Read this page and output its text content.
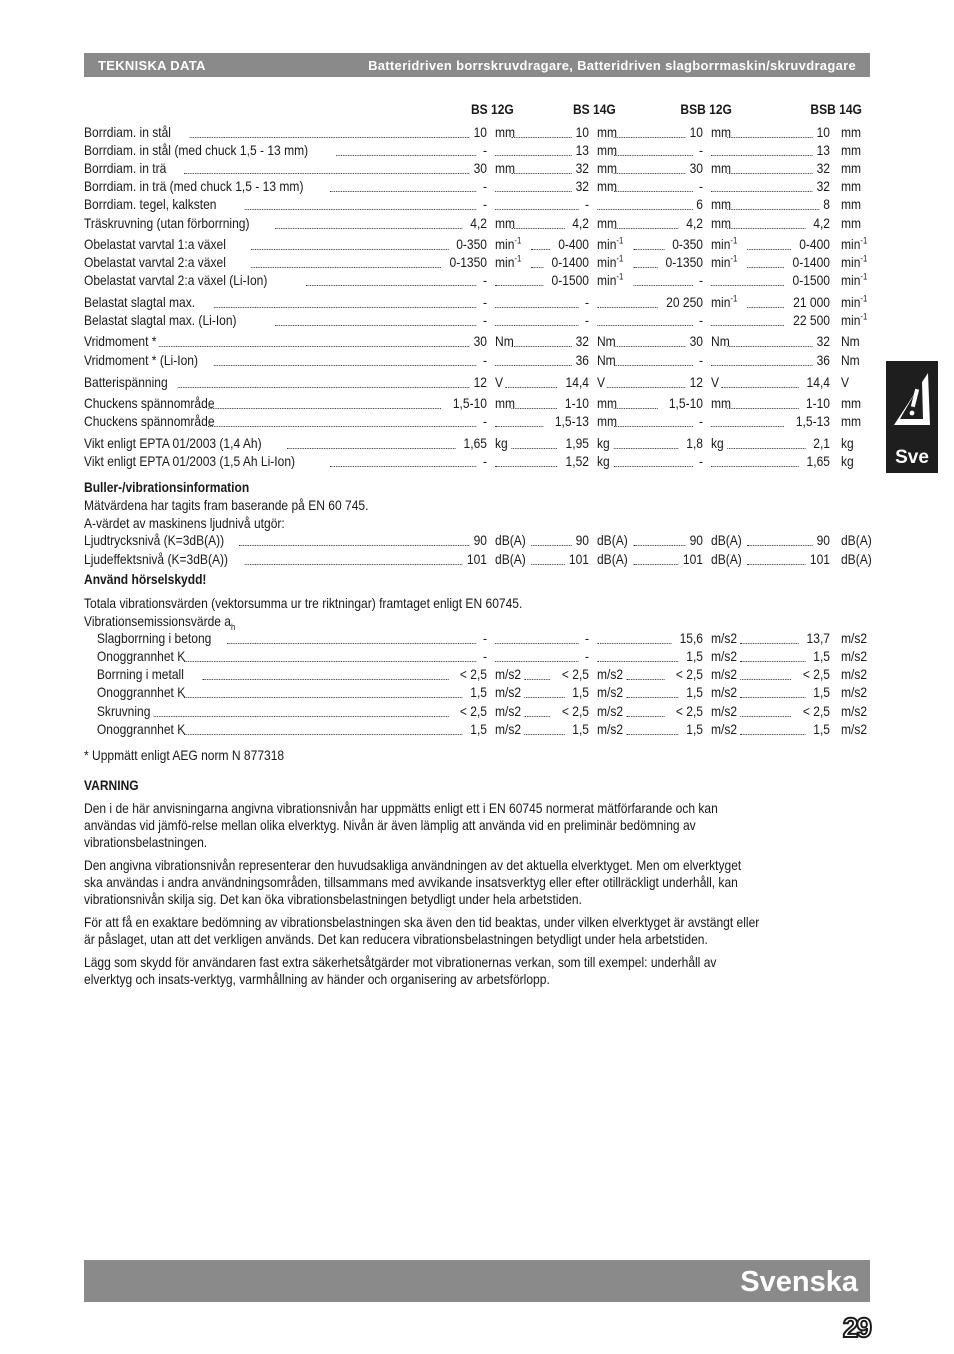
TEKNISKA DATA	Batteridriven borrskruvdragare, Batteridriven slagborrmaskin/skruvdragare
BS 12G	BS 14G	BSB 12G	BSB 14G
Borrdiam. in stål	10 mm	10 mm	10 mm	10 mm
Borrdiam. in stål (med chuck 1,5 - 13 mm)	-	13 mm	-	13 mm
Borrdiam. in trä	30 mm	32 mm	30 mm	32 mm
Borrdiam. in trä (med chuck 1,5 - 13 mm)	-	32 mm	-	32 mm
Borrdiam. tegel, kalksten	-	-	6 mm	8 mm
Träskruvning (utan förborrning)	4,2 mm	4,2 mm	4,2 mm	4,2 mm
Obelastat varvtal 1:a växel	0-350 $\min^{-1}$	0-400 $\min^{-1}$	0-350 $\min^{-1}$	0-400 $\min^{-1}$
Obelastat varvtal 2:a växel	0-1350 $\min^{-1}$	0-1400 $\min^{-1}$	0-1350 $\min^{-1}$	0-1400 $\min^{-1}$
Obelastat varvtal 2:a växel (Li-Ion)	-	0-1500 $\min^{-1}$	-	0-1500 $\min^{-1}$
Belastat slagtal max.	-	-	20 250 $\min^{-1}$	21 000 $\min^{-1}$
Belastat slagtal max. (Li-Ion)	-	-	-	22 500 $\min^{-1}$
Vridmoment *	30 Nm	32 Nm	30 Nm	32 Nm
Vridmoment * (Li-Ion)	-	36 Nm	-	36 Nm
Batterispänning	12 V	14,4 V	12 V	14,4 V
Chuckens spännområde	1,5-10 mm	1-10 mm	1,5-10 mm	1-10 mm
Chuckens spännområde	-	1,5-13 mm	-	1,5-13 mm
Vikt enligt EPTA 01/2003 (1,4 Ah)	1,65 kg	1,95 kg	1,8 kg	2,1 kg
Vikt enligt EPTA 01/2003 (1,5 Ah Li-Ion)	-	1,52 kg	-	1,65 kg
Buller-/vibrationsinformation
Mätvärdena har tagits fram baserande på EN 60 745.
A-värdet av maskinens ljudnivå utgör:
Ljudtrycksnivå (K=3dB(A))	90 dB(A)	90 dB(A)	90 dB(A)	90 dB(A)
Ljudeffektsnivå (K=3dB(A))	101 dB(A)	101 dB(A)	101 dB(A)	101 dB(A)
Använd hörselskydd!
Totala vibrationsvärden (vektorsumma ur tre riktningar) framtaget enligt EN 60745.
Vibrationsemissionsvärde $a_h$
Slagborrning i betong	-	-	15,6 m/s2	13,7 m/s2
Onoggrannhet K	-	-	1,5 m/s2	1,5 m/s2
Borrning i metall	< 2,5 m/s2	< 2,5 m/s2	< 2,5 m/s2	< 2,5 m/s2
Onoggrannhet K	1,5 m/s2	1,5 m/s2	1,5 m/s2	1,5 m/s2
Skruvning	< 2,5 m/s2	< 2,5 m/s2	< 2,5 m/s2	< 2,5 m/s2
Onoggrannhet K	1,5 m/s2	1,5 m/s2	1,5 m/s2	1,5 m/s2
* Uppmätt enligt AEG norm N 877318
VARNING
Den i de här anvisningarna angivna vibrationsnivån har uppmätts enligt ett i EN 60745 normerat mätförfarande och kan användas vid jämfö-relse mellan olika elverktyg. Nivån är även lämplig att använda vid en preliminär bedömning av vibrationsbelastningen.
Den angivna vibrationsnivån representerar den huvudsakliga användningen av det aktuella elverktyget. Men om elverktyget ska användas i andra användningsområden, tillsammans med avvikande insatsverktyg eller efter otillräckligt underhåll, kan vibrationsnivån skilja sig. Det kan öka vibrationsbelastningen betydligt under hela arbetstiden.
För att få en exaktare bedömning av vibrationsbelastningen ska även den tid beaktas, under vilken elverktyget är avstängt eller är påslaget, utan att det verkligen används. Det kan reducera vibrationsbelastningen betydligt under hela arbetstiden.
Lägg som skydd för användaren fast extra säkerhetsåtgärder mot vibrationernas verkan, som till exempel: underhåll av elverktyg och insats-verktyg, varmhållning av händer och organisering av arbetsförlopp.
Sve
Svenska
29
